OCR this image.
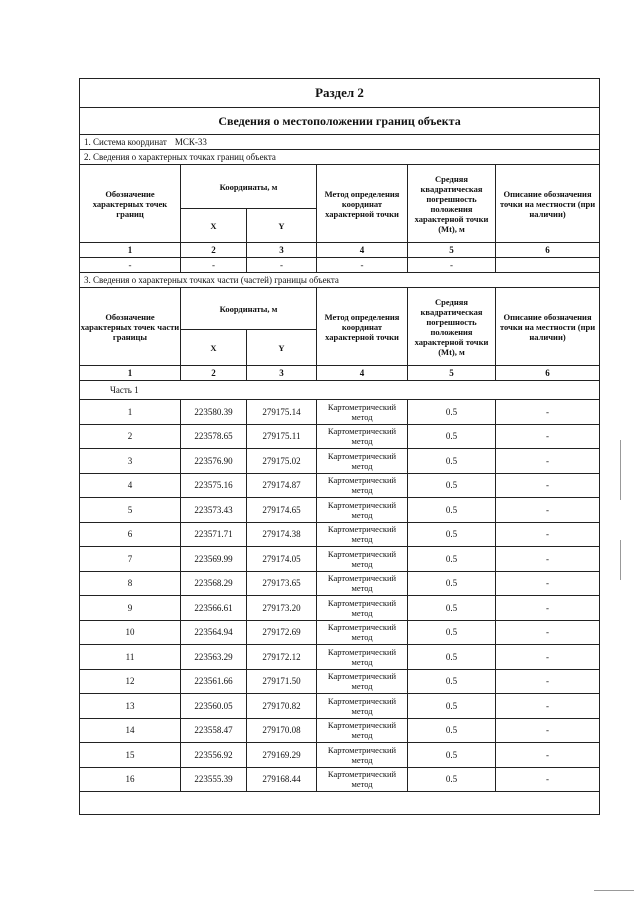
Раздел 2					
Сведения о местоположении границ объекта					
1. Система координат МСК-33					
2. Сведения о характерных точках границ объекта					
Обозначение характерных точек границ	Координаты, м		Метод определения координат характерной точки	Средняя квадратическая погрешность положения характерной точки (Mt), м	Описание обозначения точки на местности (при наличии)
	X	Y			
1	2	3	4	5	6
-	-	-	-	-	
3. Сведения о характерных точках части (частей) границы объекта					
Обозначение характерных точек части границы	Координаты, м		Метод определения координат характерной точки	Средняя квадратическая погрешность положения характерной точки (Mt), м	Описание обозначения точки на местности (при наличии)
	X	Y			
1	2	3	4	5	6
Часть 1					
1	223580.39	279175.14	Картометрический метод	0.5	-
2	223578.65	279175.11	Картометрический метод	0.5	-
3	223576.90	279175.02	Картометрический метод	0.5	-
4	223575.16	279174.87	Картометрический метод	0.5	-
5	223573.43	279174.65	Картометрический метод	0.5	-
6	223571.71	279174.38	Картометрический метод	0.5	-
7	223569.99	279174.05	Картометрический метод	0.5	-
8	223568.29	279173.65	Картометрический метод	0.5	-
9	223566.61	279173.20	Картометрический метод	0.5	-
10	223564.94	279172.69	Картометрический метод	0.5	-
11	223563.29	279172.12	Картометрический метод	0.5	-
12	223561.66	279171.50	Картометрический метод	0.5	-
13	223560.05	279170.82	Картометрический метод	0.5	-
14	223558.47	279170.08	Картометрический метод	0.5	-
15	223556.92	279169.29	Картометрический метод	0.5	-
16	223555.39	279168.44	Картометрический метод	0.5	-
